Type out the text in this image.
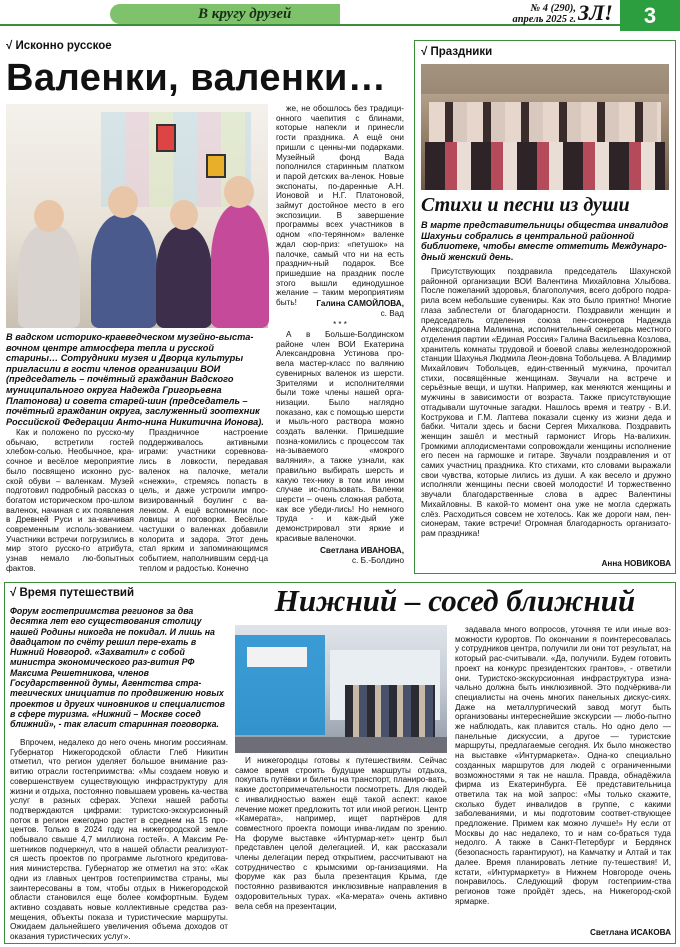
В кругу друзей	№ 4 (290),
апрель 2025 г. ЗЛ!	3
√ Исконно русское
Валенки, валенки…
В вадском историко-краеведческом музейно-выста-вочном центре атмосфера тепла и русской старины… Сотрудники музея и Дворца культуры пригласили в гости членов организации ВОИ (председатель – почётный гражданин Вадского муниципального округа Надежда Григорьевна Платонова) и совета старей-шин (председатель – почётный гражданин округа, заслуженный зоотехник Российской Федерации Анто-нина Никитична Ионова).

Как и положено по русско-му обычаю, встретили гостей хлебом-солью. Необычное, кра-сочное и весёлое мероприятие было посвящено исконно рус-ской обуви – валенкам. Музей подготовил подробный рассказ о богатом историческом про-шлом валенок, начиная с их появления в Древней Руси и за-канчивая современным исполь-зованием. Участники встречи погрузились в мир этого русско-го атрибута, узнав немало лю-бопытных фактов.

Праздничное настроение поддерживалось активными играми: участники соревнова-лись в ловкости, передавая валенок на палочке, метали «снежки», стремясь попасть в цель, и даже устроили импро-визированный боулинг с ва-ленком. А ещё вспомнили пос-ловицы и поговорки. Весёлые частушки о валенках добавили колорита и задора. Этот день стал ярким и запоминающимся событием, наполнившим серд-ца теплом и радостью. Конечно

же, не обошлось без традици-онного чаепития с блинами, которые напекли и принесли гости праздника. А ещё они пришли с ценны-ми подарками. Музейный фонд Вада пополнился старинным платком и парой детских ва-ленок. Новые экспонаты, по-даренные А.Н. Ионовой и Н.Г. Платоновой, займут достойное место в его экспозиции. В завершение программы всех участников в одном «по-терянном» валенке ждал сюр-приз: «петушок» на палочке, самый что ни на есть празднич-ный подарок. Все пришедшие на праздник после этого вышли единодушное желание – таким мероприятиям быть!	Галина САМОЙЛОВА,
с. Вад
* * *

А в Больше-Болдинском районе член ВОИ Екатерина Александровна Устинова про-вела мастер-класс по валянию сувенирных валенок из шерсти. Зрителями и исполнителями были тоже члены нашей орга-низации. Было наглядно показано, как с помощью шерсти и мыль-ного раствора можно создать валенки. Пришедшие позна-комились с процессом так на-зываемого «мокрого валяния», а также узнали, как правильно выбирать шерсть и какую тех-нику в том или ином случае ис-пользовать. Валенки шерсти – очень сложная работа, как все убеди-лись! Но немного труда - и каж-дый уже демонстрировал эти яркие и красивые валеночки.

Светлана ИВАНОВА,
с. Б.-Болдино
√ Праздники
Стихи и песни из души
В марте представительницы общества инвалидов Шахуньи собрались в центральной районной библиотеке, чтобы вместе отметить Междунаро-дный женский день.

Присутствующих поздравила председатель Шахунской районной организации ВОИ Валентина Михайловна Хлыбова. После пожеланий здоровья, благополучия, всего доброго подра-рила всем небольшие сувениры. Как это было приятно! Многие глаза заблестели от благодарности. Поздравили женщин и председатель отделения союза пен-сионеров Надежда Александровна Малинина, исполнительный секретарь местного отделения партии «Единая Россия» Галина Васильевна Козлова, хранитель комнаты трудовой и боевой славы железнодорожной станции Шахунья Людмила Леон-довна Тобольцева. А Владимир Михайлович Тобольцев, един-ственный мужчина, прочитал стихи, посвящённые женщинам. Звучали на встрече и серьёзные вещи, и шутки. Например, как меняются женщины и мужчины в зависимости от возраста. Также присутствующие отгадывали шуточные загадки. Нашлось время и театру - В.И. Кострукова и Г.М. Лаптева показали сценку из жизни деда и бабки. Читали здесь и басни Сергея Михалкова. Поздравить женщин зашёл и местный гармонист Игорь На-валихин. Громкими аплодисментами сопровождали женщины исполнение его песен на гармошке и гитаре. Звучали поздравления и от самих участниц праздника. Кто стихами, кто словами выражали свои чувства, которые лились из души. А как весело и дружно исполняли женщины песни своей молодости! И торжественно звучали благодарственные слова в адрес Валентины Михайловны. В какой-то момент она уже не могла сдержать слёз. Расходиться совсем не хотелось. Как же дороги нам, пен-сионерам, такие встречи! Огромная благодарность организато-рам праздника!

Анна НОВИКОВА
√ Время путешествий	Нижний – сосед ближний
Форум гостеприимства регионов за два десятка лет его существования столицу нашей Родины никогда не покидал. И лишь на двадцатом по счёту решил пере-ехать в Нижний Новгород. «Захватил» с собой министра экономического раз-вития РФ Максима Решетникова, членов Государственной думы, Агентства стра-тегических инициатив по продвижению новых проектов и других чиновников и специалистов в сфере туризма. «Нижний – Москве сосед ближний», - так гласит старинная поговорка.

Впрочем, недалеко до него очень многим россиянам. Губернатор Нижегородской области Глеб Никитин отметил, что регион уделяет большое внимание раз-витию отрасли гостеприимства: «Мы создаем новую и совершенствуем существующую инфраструктуру для жизни и отдыха, постоянно повышаем уровень ка-чества услуг в разных сферах. Успехи нашей работы подтверждаются цифрами: туристско-экскурсионный поток в регион ежегодно растет в среднем на 15 про-центов. Только в 2024 году на нижегородской земле побывало свыше 4,7 миллиона гостей». А Максим Ре-шетников подчеркнул, что в нашей области реализуют-ся шесть проектов по программе льготного кредитова-ния министерства. Губернатор же отметил на это: «Как одни из главных центров гостеприимства страны, мы заинтересованы в том, чтобы отдых в Нижегородской области становился еще более комфортным. Будем активно создавать новые коллективные средства раз-мещения, объекты показа и туристические маршруты. Ожидаем дальнейшего увеличения объема доходов от оказания туристических услуг».

И нижегородцы готовы к путешествиям. Сейчас самое время строить будущие маршруты отдыха, покупать путёвки и билеты на транспорт, планиро-вать, какие достопримечательности посмотреть. Для людей с инвалидностью важен ещё такой аспект: какое лечение может предложить тот или иной регион. Центр «Камерата», например, ищет партнёров для совместного проекта помощи инва-лидам по зрению. На форуме выставке «Интурмар-кет» центр был представлен целой делегацией. И, как рассказали члены делегации перед открытием, рассчитывают на сотрудничество с крымскими ор-ганизациями. На форуме как раз была презентация Крыма, где постоянно развиваются инклюзивные направления в оздоровительных турах. «Ка-мерата» очень активно вела себя на презентации,

задавала много вопросов, уточняя те или иные воз-можности курортов. По окончании я поинтересовалась у сотрудников центра, получили ли они тот результат, на который рас-считывали. «Да, получили. Будем готовить проект на конкурс президентских грантов», - ответили они. Туристско-экскурсионная инфраструктура изна-чально должна быть инклюзивной. Это подчёркива-ли специалисты на очень многих панельных дискус-сиях. Даже на металлургический завод могут быть организованы интереснейшие экскурсии — любо-пытно же наблюдать, как плавится сталь. Но одно дело — панельные дискуссии, а другое — туристские маршруты, предлагаемые сегодня. Их было множество на выставке «Интурмаркета». Одна-ко специально созданных маршрутов для людей с ограниченными возможностями я так не нашла. Правда, обнадёжила фирма из Екатеринбурга. Её представительница ответила так на мой запрос: «Мы только скажите, сколько будет инвалидов в группе, с какими заболеваниями, и мы подготовим соответ-ствующее предложение. Примем как можно лучше!» Ну если от Москвы до нас недалеко, то и нам со-браться туда недолго. А также в Санкт-Петербург и Бердянск (безопасность гарантируют), на Камчатку и Алтай и так далее. Время планировать летние пу-тешествия! И, кстати, «Интурмаркету» в Нижнем Новгороде очень понравилось. Следующий форум гостеприим-ства регионов тоже пройдёт здесь, на Нижегород-ской ярмарке.

Светлана ИСАКОВА
